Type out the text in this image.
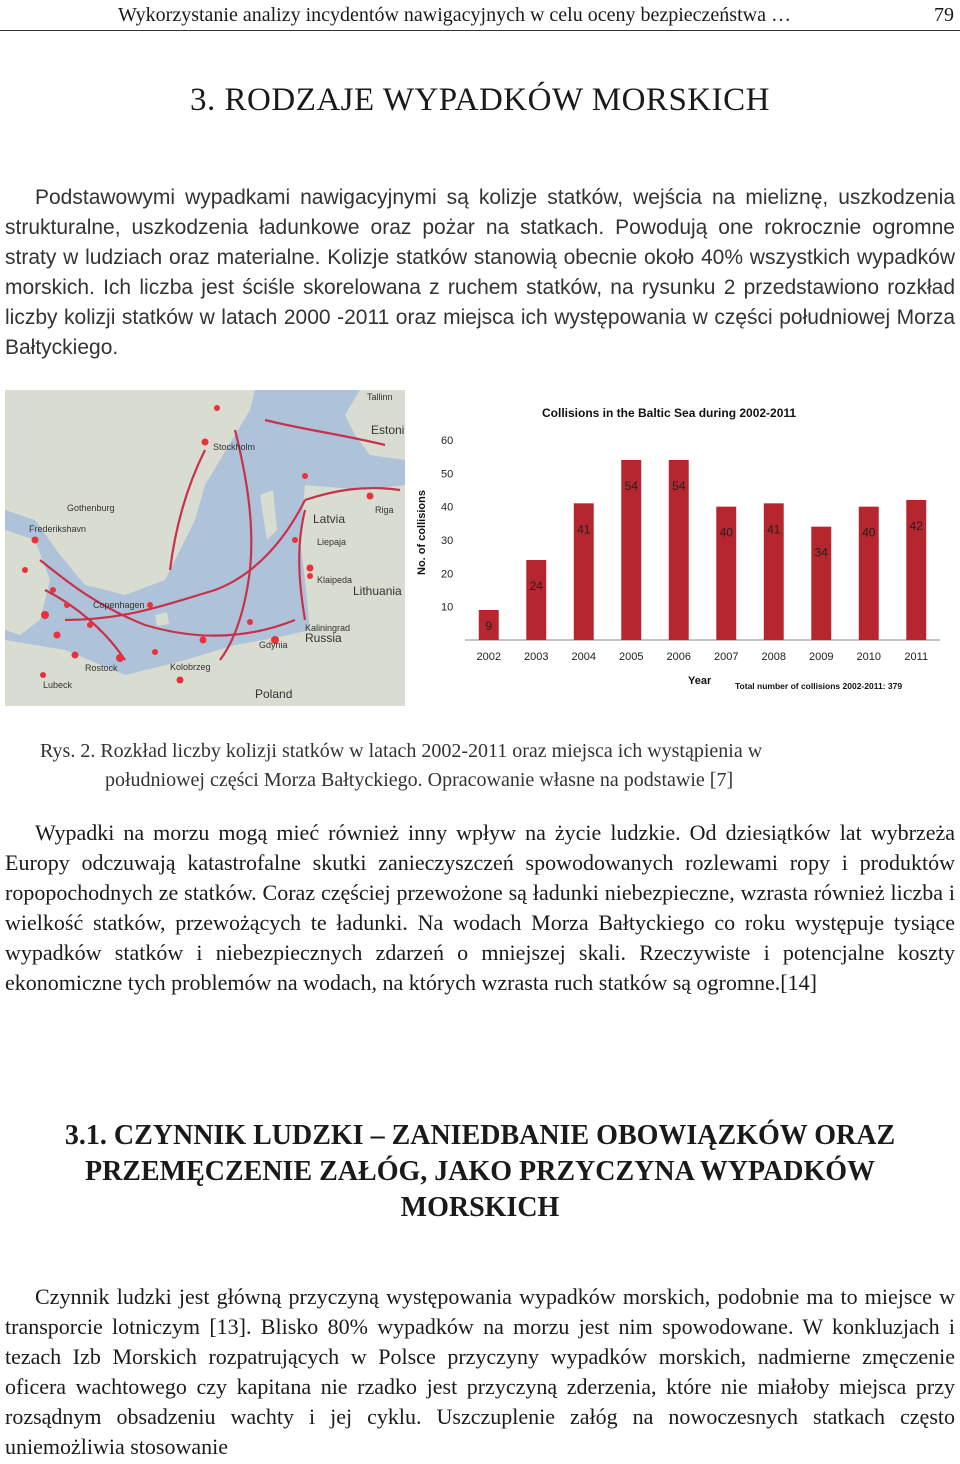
Wykorzystanie analizy incydentów nawigacyjnych w celu oceny bezpieczeństwa …	79
3. RODZAJE WYPADKÓW MORSKICH

Podstawowymi wypadkami nawigacyjnymi są kolizje statków, wejścia na mieliznę, uszkodzenia strukturalne, uszkodzenia ładunkowe oraz pożar na statkach. Powodują one rokrocznie ogromne straty w ludziach oraz materialne. Kolizje statków stanowią obecnie około 40% wszystkich wypadków morskich. Ich liczba jest ściśle skorelowana z ruchem statków, na rysunku 2 przedstawiono rozkład liczby kolizji statków w latach 2000 -2011 oraz miejsca ich występowania w części południowej Morza Bałtyckiego.

Tallinn
Stockholm
Estoni
Latvia
Riga
Gothenburg
Frederikshavn
Liepaja
Klaipeda
Lithuania
Copenhagen
Kaliningrad
Russia
Gdynia
Rostock	Kolobrzeg
Lubeck
Poland
Collisions in the Baltic Sea during 2002-2011
No. of collisions
Year	Total number of collisions 2002-2011: 379
10
20
30
40
50
60
2002 2003 2004 2005 2006 2007 2008 2009 2010 2011
9
24
41
54	54
40	41
34
40	42
Rys. 2. Rozkład liczby kolizji statków w latach 2002-2011 oraz miejsca ich wystąpienia w
południowej części Morza Bałtyckiego. Opracowanie własne na podstawie [7]

Wypadki na morzu mogą mieć również inny wpływ na życie ludzkie. Od dziesiątków lat wybrzeża Europy odczuwają katastrofalne skutki zanieczyszczeń spowodowanych rozlewami ropy i produktów ropopochodnych ze statków. Coraz częściej przewożone są ładunki niebezpieczne, wzrasta również liczba i wielkość statków, przewożących te ładunki. Na wodach Morza Bałtyckiego co roku występuje tysiące wypadków statków i niebezpiecznych zdarzeń o mniejszej skali. Rzeczywiste i potencjalne koszty ekonomiczne tych problemów na wodach, na których wzrasta ruch statków są ogromne.[14]

3.1. CZYNNIK LUDZKI – ZANIEDBANIE OBOWIĄZKÓW ORAZ
PRZEMĘCZENIE ZAŁÓG, JAKO PRZYCZYNA WYPADKÓW
MORSKICH

Czynnik ludzki jest główną przyczyną występowania wypadków morskich, podobnie ma to miejsce w transporcie lotniczym [13]. Blisko 80% wypadków na morzu jest nim spowodowane. W konkluzjach i tezach Izb Morskich rozpatrujących w Polsce przyczyny wypadków morskich, nadmierne zmęczenie oficera wachtowego czy kapitana nie rzadko jest przyczyną zderzenia, które nie miałoby miejsca przy rozsądnym obsadzeniu wachty i jej cyklu. Uszczuplenie załóg na nowoczesnych statkach często uniemożliwia stosowanie
